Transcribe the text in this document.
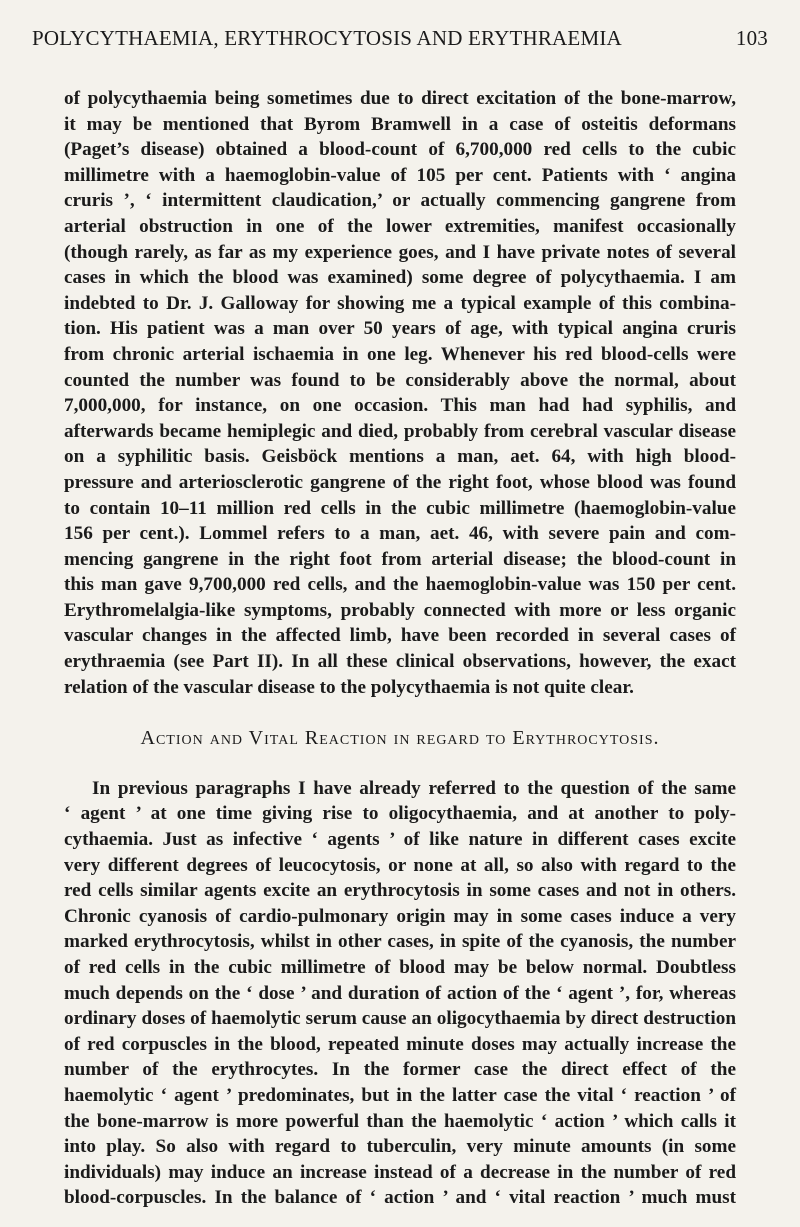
POLYCYTHAEMIA, ERYTHROCYTOSIS AND ERYTHRAEMIA	103
of polycythaemia being sometimes due to direct excitation of the bone-marrow,
it may be mentioned that Byrom Bramwell in a case of osteitis deformans
(Paget’s disease) obtained a blood-count of 6,700,000 red cells to the cubic
millimetre with a haemoglobin-value of 105 per cent. Patients with ‘ angina
cruris ’, ‘ intermittent claudication,’ or actually commencing gangrene from
arterial obstruction in one of the lower extremities, manifest occasionally
(though rarely, as far as my experience goes, and I have private notes of several
cases in which the blood was examined) some degree of polycythaemia. I am
indebted to Dr. J. Galloway for showing me a typical example of this combina-
tion. His patient was a man over 50 years of age, with typical angina cruris
from chronic arterial ischaemia in one leg. Whenever his red blood-cells were
counted the number was found to be considerably above the normal, about
7,000,000, for instance, on one occasion. This man had had syphilis, and
afterwards became hemiplegic and died, probably from cerebral vascular disease
on a syphilitic basis. Geisböck mentions a man, aet. 64, with high blood-
pressure and arteriosclerotic gangrene of the right foot, whose blood was found
to contain 10–11 million red cells in the cubic millimetre (haemoglobin-value
156 per cent.). Lommel refers to a man, aet. 46, with severe pain and com-
mencing gangrene in the right foot from arterial disease; the blood-count in
this man gave 9,700,000 red cells, and the haemoglobin-value was 150 per cent.
Erythromelalgia-like symptoms, probably connected with more or less organic
vascular changes in the affected limb, have been recorded in several cases of
erythraemia (see Part II). In all these clinical observations, however, the exact
relation of the vascular disease to the polycythaemia is not quite clear.
Action and Vital Reaction in regard to Erythrocytosis.
In previous paragraphs I have already referred to the question of the same
‘ agent ’ at one time giving rise to oligocythaemia, and at another to poly-
cythaemia. Just as infective ‘ agents ’ of like nature in different cases excite
very different degrees of leucocytosis, or none at all, so also with regard to the
red cells similar agents excite an erythrocytosis in some cases and not in others.
Chronic cyanosis of cardio-pulmonary origin may in some cases induce a very
marked erythrocytosis, whilst in other cases, in spite of the cyanosis, the number
of red cells in the cubic millimetre of blood may be below normal. Doubtless
much depends on the ‘ dose ’ and duration of action of the ‘ agent ’, for, whereas
ordinary doses of haemolytic serum cause an oligocythaemia by direct destruction
of red corpuscles in the blood, repeated minute doses may actually increase the
number of the erythrocytes. In the former case the direct effect of the
haemolytic ‘ agent ’ predominates, but in the latter case the vital ‘ reaction ’ of
the bone-marrow is more powerful than the haemolytic ‘ action ’ which calls it
into play. So also with regard to tuberculin, very minute amounts (in some
individuals) may induce an increase instead of a decrease in the number of red
blood-corpuscles. In the balance of ‘ action ’ and ‘ vital reaction ’ much must
